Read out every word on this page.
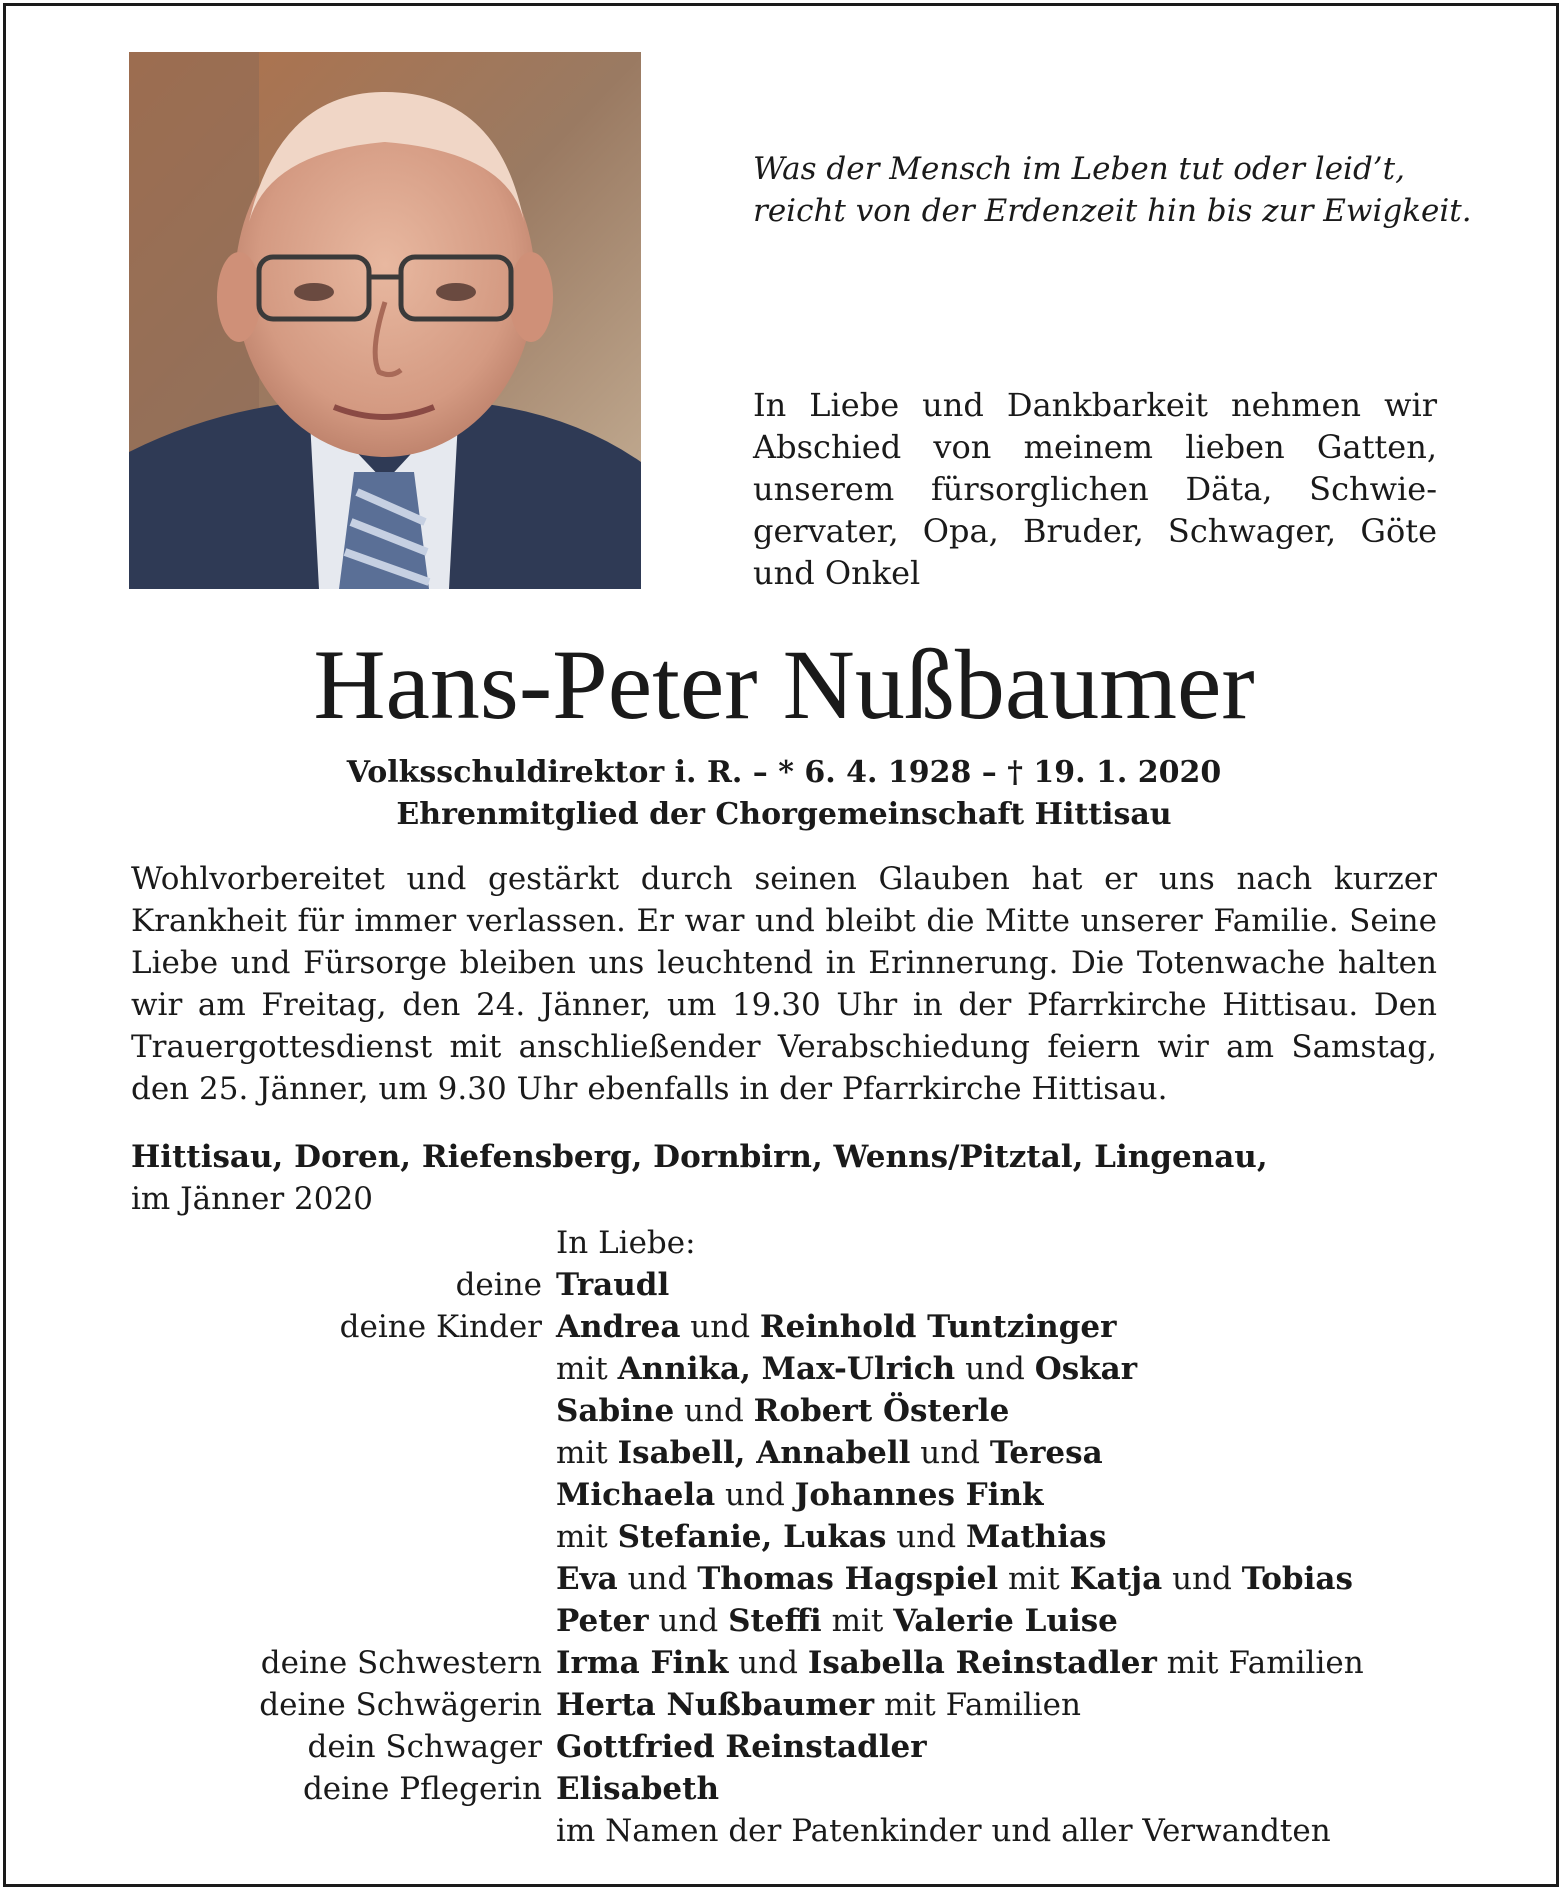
Was der Mensch im Leben tut oder leid’t,
reicht von der Erdenzeit hin bis zur Ewigkeit.
In Liebe und Dankbarkeit nehmen wir Abschied von meinem lieben Gatten, unserem fürsorglichen Däta, Schwiegervater, Opa, Bruder, Schwager, Göte und Onkel
Hans-Peter Nußbaumer
Volksschuldirektor i. R. – * 6. 4. 1928 – † 19. 1. 2020
Ehrenmitglied der Chorgemeinschaft Hittisau
Wohlvorbereitet und gestärkt durch seinen Glauben hat er uns nach kurzer Krankheit für immer verlassen. Er war und bleibt die Mitte unserer Familie. Seine Liebe und Fürsorge bleiben uns leuchtend in Erinnerung. Die Totenwache halten wir am Freitag, den 24. Jänner, um 19.30 Uhr in der Pfarrkirche Hittisau. Den Trauergottesdienst mit anschließender Verabschiedung feiern wir am Samstag, den 25. Jänner, um 9.30 Uhr ebenfalls in der Pfarrkirche Hittisau.
Hittisau, Doren, Riefensberg, Dornbirn, Wenns/Pitztal, Lingenau,
im Jänner 2020
In Liebe:
deine Traudl
deine Kinder Andrea und Reinhold Tuntzinger
mit Annika, Max-Ulrich und Oskar
Sabine und Robert Österle
mit Isabell, Annabell und Teresa
Michaela und Johannes Fink
mit Stefanie, Lukas und Mathias
Eva und Thomas Hagspiel mit Katja und Tobias
Peter und Steffi mit Valerie Luise
deine Schwestern Irma Fink und Isabella Reinstadler mit Familien
deine Schwägerin Herta Nußbaumer mit Familien
dein Schwager Gottfried Reinstadler
deine Pflegerin Elisabeth
im Namen der Patenkinder und aller Verwandten
